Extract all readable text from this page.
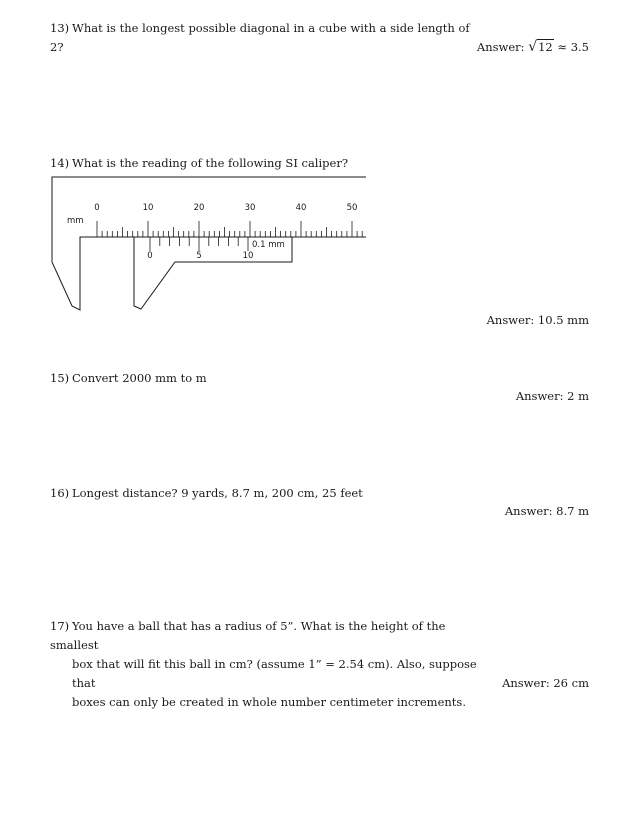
13) What is the longest possible diagonal in a cube with a side length of 2?	Answer: √12 ≈ 3.5
14) What is the reading of the following SI caliper?
mm
0	10	20	30	40	50
0	5	10
0.1 mm
Answer: 10.5 mm
15) Convert 2000 mm to m
Answer: 2 m
16) Longest distance? 9 yards, 8.7 m, 200 cm, 25 feet
Answer: 8.7 m
17) You have a ball that has a radius of 5”. What is the height of the smallest
box that will fit this ball in cm? (assume 1” = 2.54 cm). Also, suppose that
boxes can only be created in whole number centimeter increments.
Answer: 26 cm
